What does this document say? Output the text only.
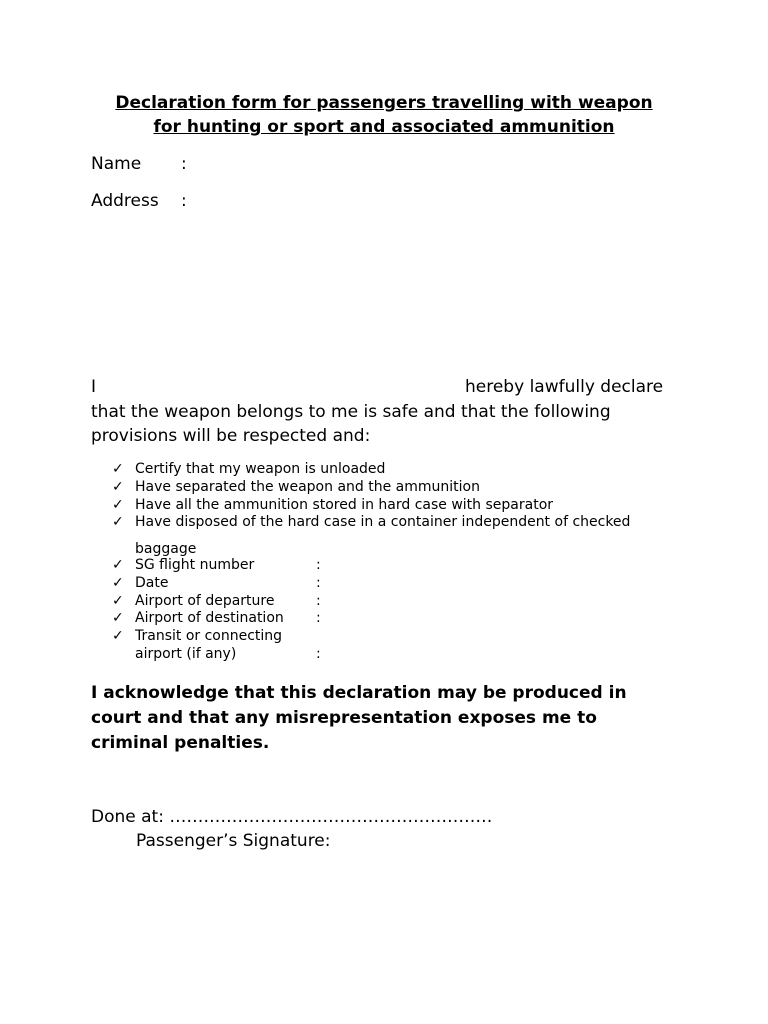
Declaration form for passengers travelling with weapon
for hunting or sport and associated ammunition
Name :
Address :
I	hereby lawfully declare
that the weapon belongs to me is safe and that the following
provisions will be respected and:
✓ Certify that my weapon is unloaded
✓ Have separated the weapon and the ammunition
✓ Have all the ammunition stored in hard case with separator
✓ Have disposed of the hard case in a container independent of checked
baggage
✓ SG flight number	:
✓ Date	:
✓ Airport of departure	:
✓ Airport of destination :
✓ Transit or connecting
airport (if any)	:
I acknowledge that this declaration may be produced in
court and that any misrepresentation exposes me to
criminal penalties.
Done at: …………………………………………………
Passenger’s Signature:
